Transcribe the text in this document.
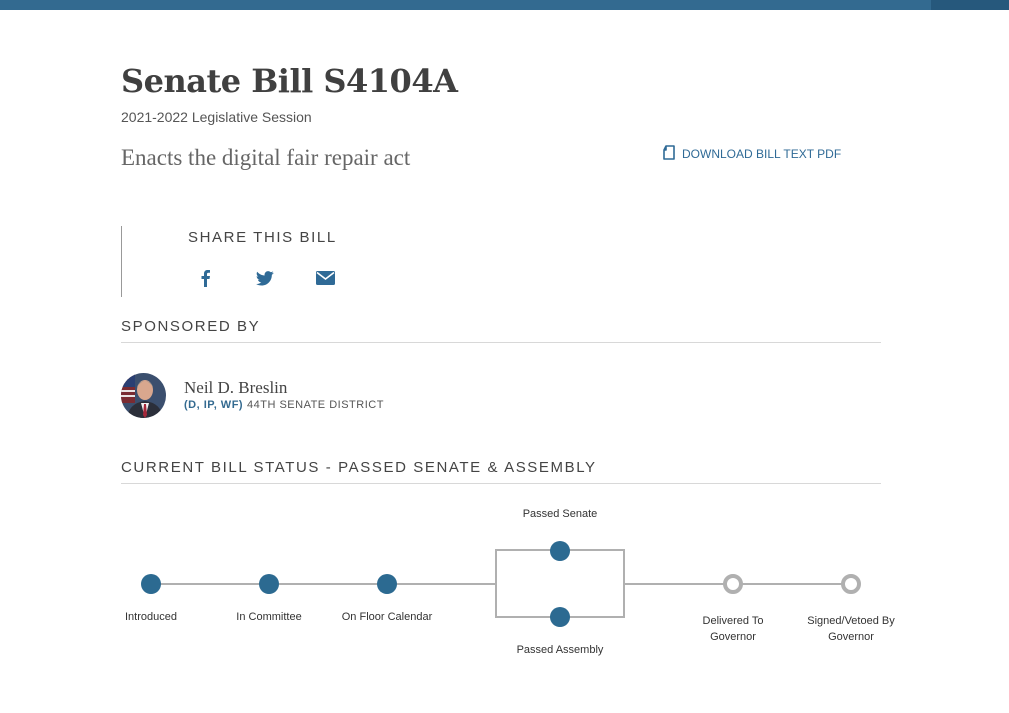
Senate Bill S4104A
2021-2022 Legislative Session
Enacts the digital fair repair act	DOWNLOAD BILL TEXT PDF
SHARE THIS BILL
SPONSORED BY
Neil D. Breslin
(D, IP, WF) 44TH SENATE DISTRICT
CURRENT BILL STATUS - PASSED SENATE & ASSEMBLY
Introduced	In Committee	On Floor Calendar
Passed Senate
Passed Assembly
Delivered To Governor
Signed/Vetoed By Governor
